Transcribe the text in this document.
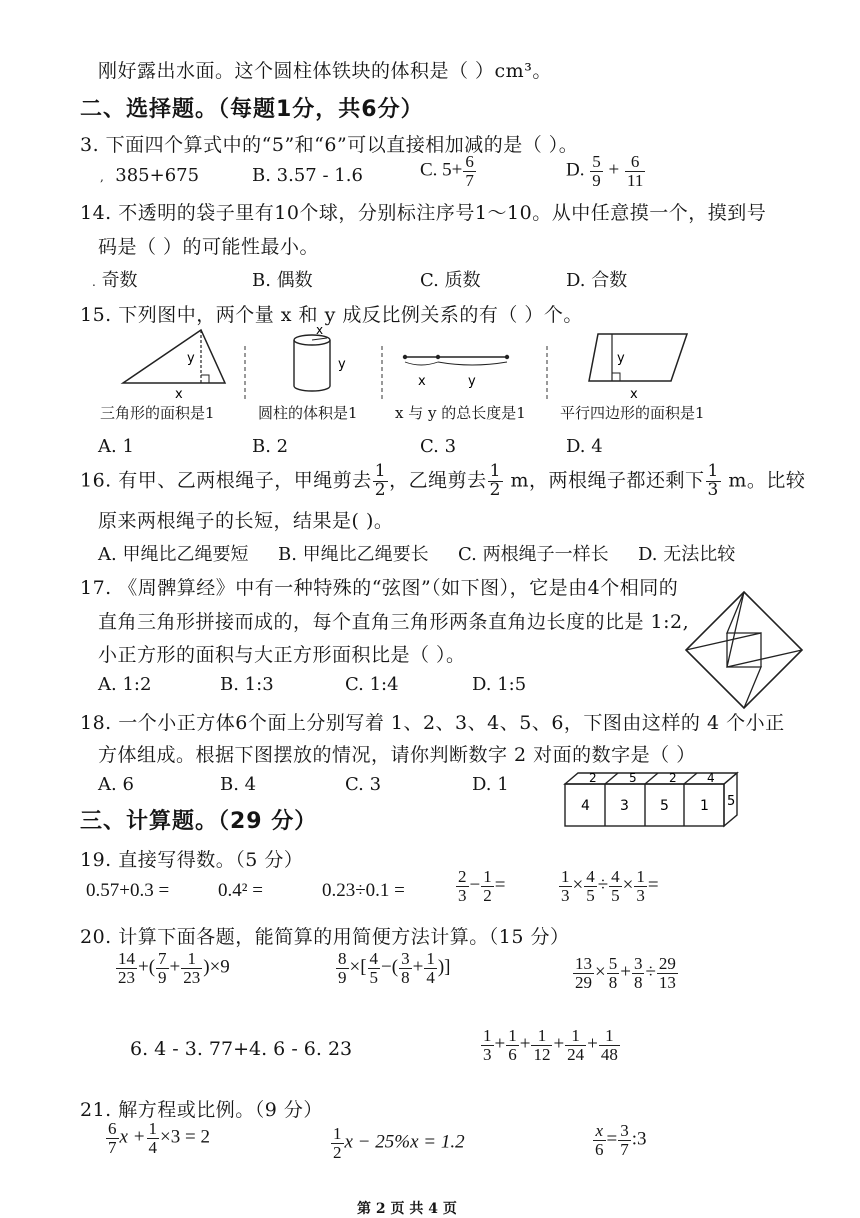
刚好露出水面。这个圆柱体铁块的体积是（ ）cm³。
二、选择题。（每题1分，共6分）
3. 下面四个算式中的“5”和“6”可以直接相加减的是（ ）。
, 385+675	B. 3.57 - 1.6	C. $5+ \frac{6}{7}$	D. $\frac{5}{9} + \frac{6}{11}$
14. 不透明的袋子里有10个球，分别标注序号1～10。从中任意摸一个，摸到号
码是（ ）的可能性最小。
. 奇数	B. 偶数	C. 质数	D. 合数
15. 下列图中，两个量 x 和 y 成反比例关系的有（ ）个。
y
x
x
y
x	y
y
x
三角形的面积是1	圆柱的体积是1 x 与 y 的总长度是1 平行四边形的面积是1
A. 1	B. 2	C. 3	D. 4
16. 有甲、乙两根绳子，甲绳剪去 $\frac{1}{2}$ ，乙绳剪去 $\frac{1}{2}$ m，两根绳子都还剩下 $\frac{1}{3}$ m。比较
原来两根绳子的长短，结果是( )。
A. 甲绳比乙绳要短 B. 甲绳比乙绳要长 C. 两根绳子一样长 D. 无法比较
17. 《周髀算经》中有一种特殊的“弦图”（如下图），它是由4个相同的
直角三角形拼接而成的，每个直角三角形两条直角边长度的比是 1:2,
小正方形的面积与大正方形面积比是（ ）。
A. 1:2	B. 1:3	C. 1:4	D. 1:5
18. 一个小正方体6个面上分别写着 1、2、3、4、5、6，下图由这样的 4 个小正
方体组成。根据下图摆放的情况，请你判断数字 2 对面的数字是（ ）
A. 6	B. 4	C. 3	D. 1	2	5	2	4
4 3 5 1 5
三、计算题。（29 分）
19. 直接写得数。（5 分）
0.57+0.3 =	0.4² =	0.23÷0.1 =	$\frac{2}{3} - \frac{1}{2}$ =	$\frac{1}{3} \times \frac{4}{5} \div \frac{4}{5} \times \frac{1}{3}$ =
20. 计算下面各题，能简算的用简便方法计算。（15 分）
$\frac{14}{23}$ +( $\frac{7}{9} + \frac{1}{23} )\times 9$	$\frac{8}{9}$ ×[ $\frac{4}{5}$ −( $\frac{3}{8} + \frac{1}{4}$ )]	$\frac{13}{29} \times \frac{5}{8} + \frac{3}{8} \div \frac{29}{13}$
6. 4 - 3. 77+4. 6 - 6. 23	$\frac{1}{3} + \frac{1}{6} + \frac{1}{12} + \frac{1}{24} + \frac{1}{48}$
21. 解方程或比例。（9 分）
$\frac{6}{7}$ $x + \frac{1}{4} \times 3 = 2$	$\frac{1}{2}$ x − 25%x = 1.2	$\frac{x}{6} = \frac{3}{7}$ :3
第 2 页 共 4 页
